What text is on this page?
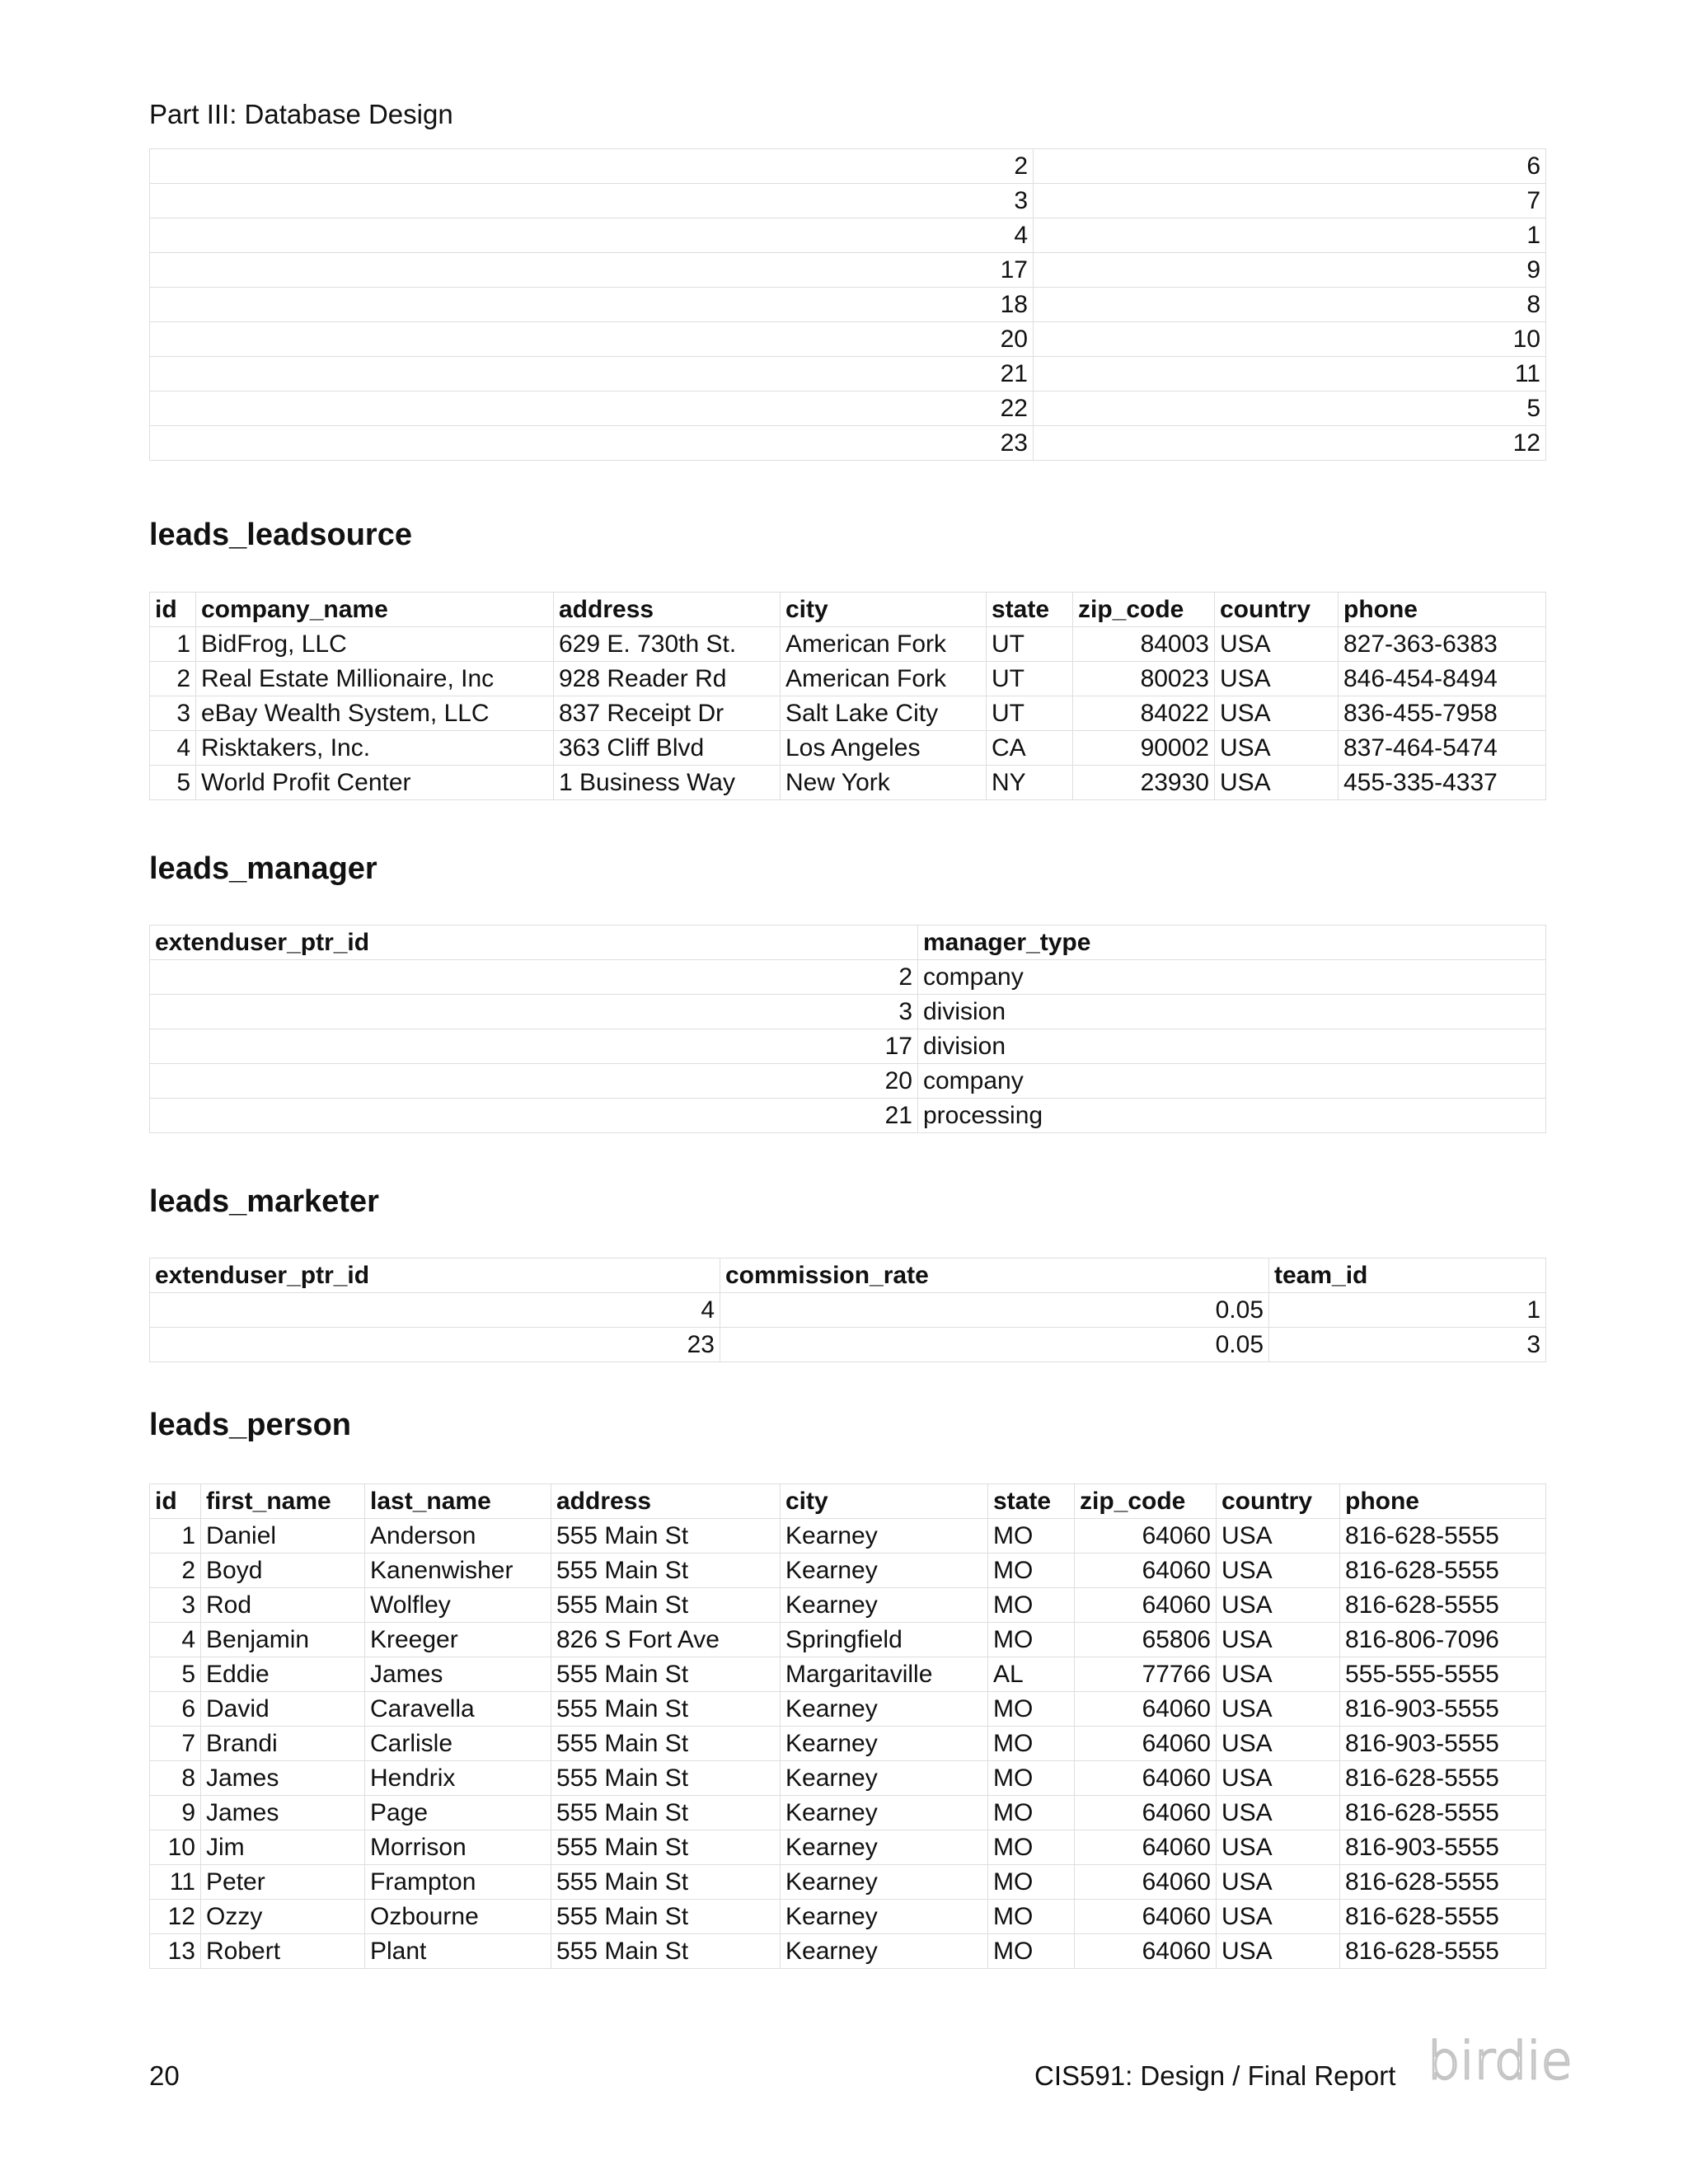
Part III: Database Design
2	6
3	7
4	1
17	9
18	8
20	10
21	11
22	5
23	12
leads_leadsource
id	company_name	address	city	state	zip_code	country	phone
1	BidFrog, LLC	629 E. 730th St.	American Fork	UT	84003	USA	827-363-6383
2	Real Estate Millionaire, Inc	928 Reader Rd	American Fork	UT	80023	USA	846-454-8494
3	eBay Wealth System, LLC	837 Receipt Dr	Salt Lake City	UT	84022	USA	836-455-7958
4	Risktakers, Inc.	363 Cliff Blvd	Los Angeles	CA	90002	USA	837-464-5474
5	World Profit Center	1 Business Way	New York	NY	23930	USA	455-335-4337
leads_manager
extenduser_ptr_id	manager_type
2	company
3	division
17	division
20	company
21	processing
leads_marketer
extenduser_ptr_id	commission_rate	team_id
4	0.05	1
23	0.05	3
leads_person
id	first_name	last_name	address	city	state	zip_code	country	phone
1	Daniel	Anderson	555 Main St	Kearney	MO	64060	USA	816-628-5555
2	Boyd	Kanenwisher	555 Main St	Kearney	MO	64060	USA	816-628-5555
3	Rod	Wolfley	555 Main St	Kearney	MO	64060	USA	816-628-5555
4	Benjamin	Kreeger	826 S Fort Ave	Springfield	MO	65806	USA	816-806-7096
5	Eddie	James	555 Main St	Margaritaville	AL	77766	USA	555-555-5555
6	David	Caravella	555 Main St	Kearney	MO	64060	USA	816-903-5555
7	Brandi	Carlisle	555 Main St	Kearney	MO	64060	USA	816-903-5555
8	James	Hendrix	555 Main St	Kearney	MO	64060	USA	816-628-5555
9	James	Page	555 Main St	Kearney	MO	64060	USA	816-628-5555
10	Jim	Morrison	555 Main St	Kearney	MO	64060	USA	816-903-5555
11	Peter	Frampton	555 Main St	Kearney	MO	64060	USA	816-628-5555
12	Ozzy	Ozbourne	555 Main St	Kearney	MO	64060	USA	816-628-5555
13	Robert	Plant	555 Main St	Kearney	MO	64060	USA	816-628-5555
20	CIS591: Design / Final Report birdie
